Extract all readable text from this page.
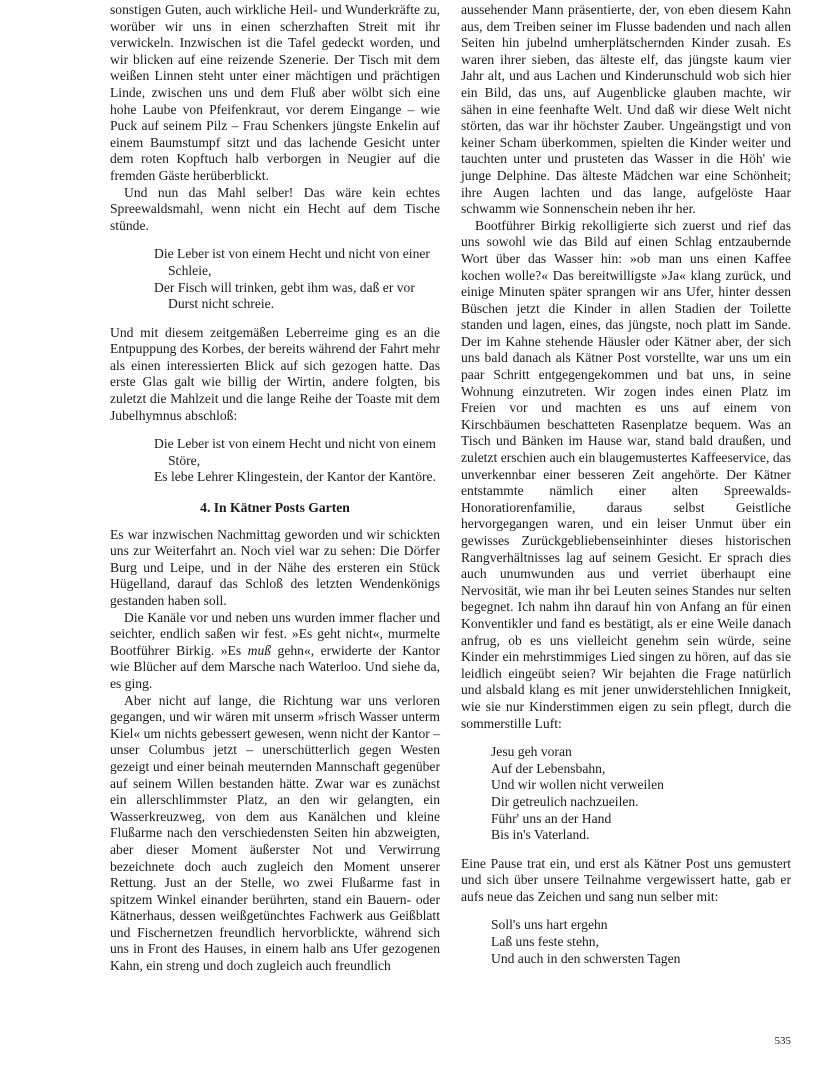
sonstigen Guten, auch wirkliche Heil- und Wunderkräfte zu, worüber wir uns in einen scherzhaften Streit mit ihr verwickeln. Inzwischen ist die Tafel gedeckt worden, und wir blicken auf eine reizende Szenerie. Der Tisch mit dem weißen Linnen steht unter einer mächtigen und prächtigen Linde, zwischen uns und dem Fluß aber wölbt sich eine hohe Laube von Pfeifenkraut, vor derem Eingange – wie Puck auf seinem Pilz – Frau Schenkers jüngste Enkelin auf einem Baumstumpf sitzt und das lachende Gesicht unter dem roten Kopftuch halb verborgen in Neugier auf die fremden Gäste herüberblickt.

Und nun das Mahl selber! Das wäre kein echtes Spreewaldsmahl, wenn nicht ein Hecht auf dem Tische stünde.

Die Leber ist von einem Hecht und nicht von einer Schleie,

Der Fisch will trinken, gebt ihm was, daß er vor Durst nicht schreie.

Und mit diesem zeitgemäßen Leberreime ging es an die Entpuppung des Korbes, der bereits während der Fahrt mehr als einen interessierten Blick auf sich gezogen hatte. Das erste Glas galt wie billig der Wirtin, andere folgten, bis zuletzt die Mahlzeit und die lange Reihe der Toaste mit dem Jubelhymnus abschloß:

Die Leber ist von einem Hecht und nicht von einem Störe,

Es lebe Lehrer Klingestein, der Kantor der Kantöre.

4. In Kätner Posts Garten

Es war inzwischen Nachmittag geworden und wir schickten uns zur Weiterfahrt an. Noch viel war zu sehen: Die Dörfer Burg und Leipe, und in der Nähe des ersteren ein Stück Hügelland, darauf das Schloß des letzten Wendenkönigs gestanden haben soll.

Die Kanäle vor und neben uns wurden immer flacher und seichter, endlich saßen wir fest. »Es geht nicht«, murmelte Bootführer Birkig. »Es muß gehn«, erwiderte der Kantor wie Blücher auf dem Marsche nach Waterloo. Und siehe da, es ging.

Aber nicht auf lange, die Richtung war uns verloren gegangen, und wir wären mit unserm »frisch Wasser unterm Kiel« um nichts gebessert gewesen, wenn nicht der Kantor – unser Columbus jetzt – unerschütterlich gegen Westen gezeigt und einer beinah meuternden Mannschaft gegenüber auf seinem Willen bestanden hätte. Zwar war es zunächst ein allerschlimmster Platz, an den wir gelangten, ein Wasserkreuzweg, von dem aus Kanälchen und kleine Flußarme nach den verschiedensten Seiten hin abzweigten, aber dieser Moment äußerster Not und Verwirrung bezeichnete doch auch zugleich den Moment unserer Rettung. Just an der Stelle, wo zwei Flußarme fast in spitzem Winkel einander berührten, stand ein Bauern- oder Kätnerhaus, dessen weißgetünchtes Fachwerk aus Geißblatt und Fischernetzen freundlich hervorblickte, während sich uns in Front des Hauses, in einem halb ans Ufer gezogenen Kahn, ein streng und doch zugleich auch freundlich

aussehender Mann präsentierte, der, von eben diesem Kahn aus, dem Treiben seiner im Flusse badenden und nach allen Seiten hin jubelnd umherplätschernden Kinder zusah. Es waren ihrer sieben, das älteste elf, das jüngste kaum vier Jahr alt, und aus Lachen und Kinderunschuld wob sich hier ein Bild, das uns, auf Augenblicke glauben machte, wir sähen in eine feenhafte Welt. Und daß wir diese Welt nicht störten, das war ihr höchster Zauber. Ungeängstigt und von keiner Scham überkommen, spielten die Kinder weiter und tauchten unter und prusteten das Wasser in die Höh' wie junge Delphine. Das älteste Mädchen war eine Schönheit; ihre Augen lachten und das lange, aufgelöste Haar schwamm wie Sonnenschein neben ihr her.

Bootführer Birkig rekolligierte sich zuerst und rief das uns sowohl wie das Bild auf einen Schlag entzaubernde Wort über das Wasser hin: »ob man uns einen Kaffee kochen wolle?« Das bereitwilligste »Ja« klang zurück, und einige Minuten später sprangen wir ans Ufer, hinter dessen Büschen jetzt die Kinder in allen Stadien der Toilette standen und lagen, eines, das jüngste, noch platt im Sande. Der im Kahne stehende Häusler oder Kätner aber, der sich uns bald danach als Kätner Post vorstellte, war uns um ein paar Schritt entgegengekommen und bat uns, in seine Wohnung einzutreten. Wir zogen indes einen Platz im Freien vor und machten es uns auf einem von Kirschbäumen beschatteten Rasenplatze bequem. Was an Tisch und Bänken im Hause war, stand bald draußen, und zuletzt erschien auch ein blaugemustertes Kaffeeservice, das unverkennbar einer besseren Zeit angehörte. Der Kätner entstammte nämlich einer alten Spreewalds-Honoratiorenfamilie, daraus selbst Geistliche hervorgegangen waren, und ein leiser Unmut über ein gewisses Zurückgebliebenseinhinter dieses historischen Rangverhältnisses lag auf seinem Gesicht. Er sprach dies auch unumwunden aus und verriet überhaupt eine Nervosität, wie man ihr bei Leuten seines Standes nur selten begegnet. Ich nahm ihn darauf hin von Anfang an für einen Konventikler und fand es bestätigt, als er eine Weile danach anfrug, ob es uns vielleicht genehm sein würde, seine Kinder ein mehrstimmiges Lied singen zu hören, auf das sie leidlich eingeübt seien? Wir bejahten die Frage natürlich und alsbald klang es mit jener unwiderstehlichen Innigkeit, wie sie nur Kinderstimmen eigen zu sein pflegt, durch die sommerstille Luft:

Jesu geh voran

Auf der Lebensbahn,

Und wir wollen nicht verweilen

Dir getreulich nachzueilen.

Führ' uns an der Hand

Bis in's Vaterland.

Eine Pause trat ein, und erst als Kätner Post uns gemustert und sich über unsere Teilnahme vergewissert hatte, gab er aufs neue das Zeichen und sang nun selber mit:

Soll's uns hart ergehn

Laß uns feste stehn,

Und auch in den schwersten Tagen

535
